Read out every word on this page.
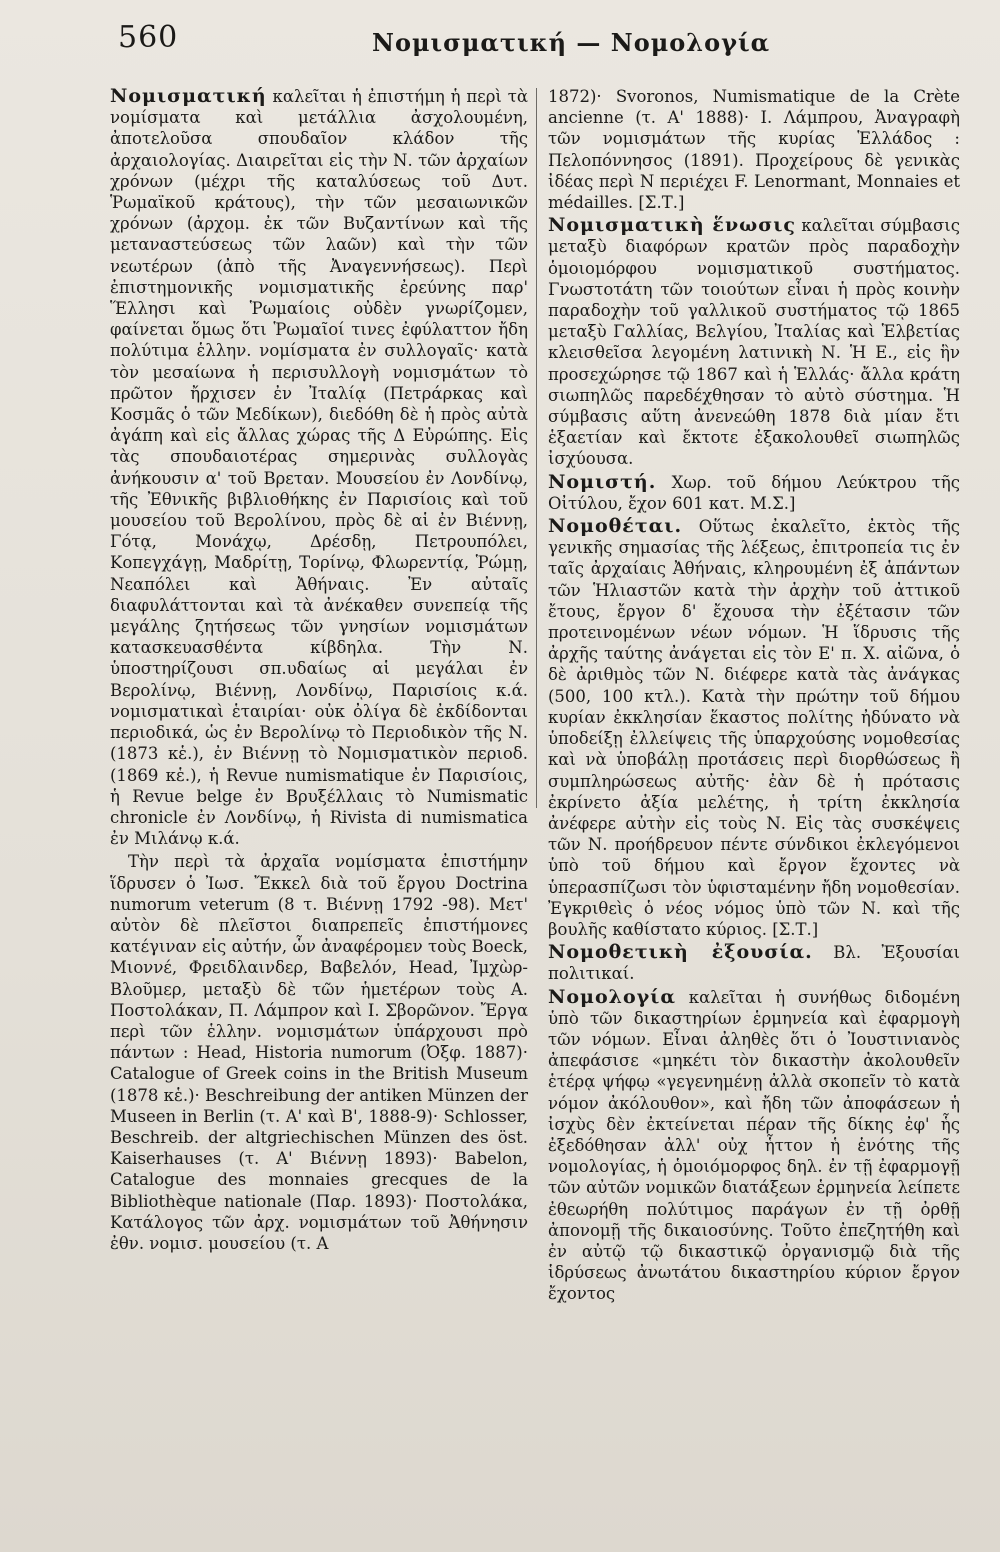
560	Νομισματική — Νομολογία

Νομισματική καλεῖται ἡ ἐπιστήμη ἡ περὶ τὰ νομίσματα καὶ μετάλλια ἀσχολουμένη, ἀποτελοῦσα σπουδαῖον κλάδον τῆς ἀρχαιολογίας. Διαιρεῖται εἰς τὴν Ν. τῶν ἀρχαίων χρόνων (μέχρι τῆς καταλύσεως τοῦ Δυτ. Ῥωμαϊκοῦ κράτους), τὴν τῶν μεσαιωνικῶν χρόνων (ἀρχομ. ἐκ τῶν Βυζαντίνων καὶ τῆς μεταναστεύσεως τῶν λαῶν) καὶ τὴν τῶν νεωτέρων (ἀπὸ τῆς Ἀναγεννήσεως). Περὶ ἐπιστημονικῆς νομισματικῆς ἐρεύνης παρ' Ἕλλησι καὶ Ῥωμαίοις οὐδὲν γνωρίζομεν, φαίνεται ὅμως ὅτι Ῥωμαῖοί τινες ἐφύλαττον ἤδη πολύτιμα ἑλλην. νομίσματα ἐν συλλογαῖς· κατὰ τὸν μεσαίωνα ἡ περισυλλογὴ νομισμάτων τὸ πρῶτον ἤρχισεν ἐν Ἰταλίᾳ (Πετράρκας καὶ Κοσμᾶς ὁ τῶν Μεδίκων), διεδόθη δὲ ἡ πρὸς αὐτὰ ἀγάπη καὶ εἰς ἄλλας χώρας τῆς Δ Εὐρώπης. Εἰς τὰς σπουδαιοτέρας σημερινὰς συλλογὰς ἀνήκουσιν α' τοῦ Βρεταν. Μουσείου ἐν Λονδίνῳ, τῆς Ἐθνικῆς βιβλιοθήκης ἐν Παρισίοις καὶ τοῦ μουσείου τοῦ Βερολίνου, πρὸς δὲ αἱ ἐν Βιέννῃ, Γότᾳ, Μονάχῳ, Δρέσδῃ, Πετρουπόλει, Κοπεγχάγῃ, Μαδρίτῃ, Τορίνῳ, Φλωρεντίᾳ, Ῥώμῃ, Νεαπόλει καὶ Ἀθήναις. Ἐν αὐταῖς διαφυλάττονται καὶ τὰ ἀνέκαθεν συνεπείᾳ τῆς μεγάλης ζητήσεως τῶν γνησίων νομισμάτων κατασκευασθέντα κίβδηλα. Τὴν Ν. ὑποστηρίζουσι σπ.υδαίως αἱ μεγάλαι ἐν Βερολίνῳ, Βιέννῃ, Λονδίνῳ, Παρισίοις κ.ά. νομισματικαὶ ἑταιρίαι· οὐκ ὀλίγα δὲ ἐκδίδονται περιοδικά, ὡς ἐν Βερολίνῳ τὸ Περιοδικὸν τῆς Ν. (1873 κἑ.), ἐν Βιέννῃ τὸ Νομισματικὸν περιοδ. (1869 κἑ.), ἡ Revue numismatique ἐν Παρισίοις, ἡ Revue belge ἐν Βρυξέλλαις τὸ Numismatic chronicle ἐν Λονδίνῳ, ἡ Rivista di numismatica ἐν Μιλάνῳ κ.ά.

Τὴν περὶ τὰ ἀρχαῖα νομίσματα ἐπιστήμην ἵδρυσεν ὁ Ἰωσ. Ἔκκελ διὰ τοῦ ἔργου Doctrina numorum veterum (8 τ. Βιέννῃ 1792 -98). Μετ' αὐτὸν δὲ πλεῖστοι διαπρεπεῖς ἐπιστήμονες κατέγιναν εἰς αὐτήν, ὧν ἀναφέρομεν τοὺς Boeck, Μιοννέ, Φρειδλαινδερ, Βαβελόν, Head, Ἰμχὼρ-Βλοῦμερ, μεταξὺ δὲ τῶν ἡμετέρων τοὺς Α. Ποστολάκαν, Π. Λάμπρον καὶ Ι. Σβορῶνον. Ἔργα περὶ τῶν ἑλλην. νομισμάτων ὑπάρχουσι πρὸ πάντων : Head, Historia numorum (Ὀξφ. 1887)· Catalogue of Greek coins in the British Museum (1878 κἑ.)· Beschreibung der antiken Münzen der Museen in Berlin (τ. Α' καὶ Β', 1888-9)· Schlosser, Beschreib. der altgriechischen Münzen des öst. Kaiserhauses (τ. Α' Βιέννῃ 1893)· Babelon, Catalogue des monnaies grecques de la Bibliothèque nationale (Παρ. 1893)· Ποστολάκα, Κατάλογος τῶν ἀρχ. νομισμάτων τοῦ Ἀθήνησιν ἐθν. νομισ. μουσείου (τ. Α

1872)· Svoronos, Numismatique de la Crète ancienne (τ. Α' 1888)· Ι. Λάμπρου, Ἀναγραφὴ τῶν νομισμάτων τῆς κυρίας Ἑλλάδος : Πελοπόννησος (1891). Προχείρους δὲ γενικὰς ἰδέας περὶ Ν περιέχει F. Lenormant, Monnaies et médailles. [Σ.Τ.]

Νομισματικὴ ἕνωσις καλεῖται σύμβασις μεταξὺ διαφόρων κρατῶν πρὸς παραδοχὴν ὁμοιομόρφου νομισματικοῦ συστήματος. Γνωστοτάτη τῶν τοιούτων εἶναι ἡ πρὸς κοινὴν παραδοχὴν τοῦ γαλλικοῦ συστήματος τῷ 1865 μεταξὺ Γαλλίας, Βελγίου, Ἰταλίας καὶ Ἑλβετίας κλεισθεῖσα λεγομένη λατινικὴ Ν. Ἡ Ε., εἰς ἣν προσεχώρησε τῷ 1867 καὶ ἡ Ἑλλάς· ἄλλα κράτη σιωπηλῶς παρεδέχθησαν τὸ αὐτὸ σύστημα. Ἡ σύμβασις αὕτη ἀνενεώθη 1878 διὰ μίαν ἔτι ἑξαετίαν καὶ ἔκτοτε ἐξακολουθεῖ σιωπηλῶς ἰσχύουσα.

Νομιστή. Χωρ. τοῦ δήμου Λεύκτρου τῆς Οἰτύλου, ἔχον 601 κατ. Μ.Σ.]

Νομοθέται. Οὕτως ἐκαλεῖτο, ἐκτὸς τῆς γενικῆς σημασίας τῆς λέξεως, ἐπιτροπεία τις ἐν ταῖς ἀρχαίαις Ἀθήναις, κληρουμένη ἐξ ἁπάντων τῶν Ἡλιαστῶν κατὰ τὴν ἀρχὴν τοῦ ἀττικοῦ ἔτους, ἔργον δ' ἔχουσα τὴν ἐξέτασιν τῶν προτεινομένων νέων νόμων. Ἡ ἵδρυσις τῆς ἀρχῆς ταύτης ἀνάγεται εἰς τὸν Ε' π. Χ. αἰῶνα, ὁ δὲ ἀριθμὸς τῶν Ν. διέφερε κατὰ τὰς ἀνάγκας (500, 100 κτλ.). Κατὰ τὴν πρώτην τοῦ δήμου κυρίαν ἐκκλησίαν ἕκαστος πολίτης ἠδύνατο νὰ ὑποδείξῃ ἐλλείψεις τῆς ὑπαρχούσης νομοθεσίας καὶ νὰ ὑποβάλῃ προτάσεις περὶ διορθώσεως ἢ συμπληρώσεως αὐτῆς· ἐὰν δὲ ἡ πρότασις ἐκρίνετο ἀξία μελέτης, ἡ τρίτη ἐκκλησία ἀνέφερε αὐτὴν εἰς τοὺς Ν. Εἰς τὰς συσκέψεις τῶν Ν. προήδρευον πέντε σύνδικοι ἐκλεγόμενοι ὑπὸ τοῦ δήμου καὶ ἔργον ἔχοντες νὰ ὑπερασπίζωσι τὸν ὑφισταμένην ἤδη νομοθεσίαν. Ἐγκριθεὶς ὁ νέος νόμος ὑπὸ τῶν Ν. καὶ τῆς βουλῆς καθίστατο κύριος. [Σ.Τ.]

Νομοθετικὴ ἐξουσία. Βλ. Ἐξουσίαι πολιτικαί.

Νομολογία καλεῖται ἡ συνήθως διδομένη ὑπὸ τῶν δικαστηρίων ἑρμηνεία καὶ ἐφαρμογὴ τῶν νόμων. Εἶναι ἀληθὲς ὅτι ὁ Ἰουστινιανὸς ἀπεφάσισε «μηκέτι τὸν δικαστὴν ἀκολουθεῖν ἑτέρᾳ ψήφῳ «γεγενημένῃ ἀλλὰ σκοπεῖν τὸ κατὰ νόμον ἀκόλουθον», καὶ ἤδη τῶν ἀποφάσεων ἡ ἰσχὺς δὲν ἐκτείνεται πέραν τῆς δίκης ἐφ' ἧς ἐξεδόθησαν ἀλλ' οὐχ ἧττον ἡ ἑνότης τῆς νομολογίας, ἡ ὁμοιόμορφος δηλ. ἐν τῇ ἐφαρμογῇ τῶν αὐτῶν νομικῶν διατάξεων ἑρμηνεία λείπετε ἐθεωρήθη πολύτιμος παράγων ἐν τῇ ὀρθῇ ἀπονομῇ τῆς δικαιοσύνης. Τοῦτο ἐπεζητήθη καὶ ἐν αὐτῷ τῷ δικαστικῷ ὀργανισμῷ διὰ τῆς ἱδρύσεως ἀνωτάτου δικαστηρίου κύριον ἔργον ἔχοντος
